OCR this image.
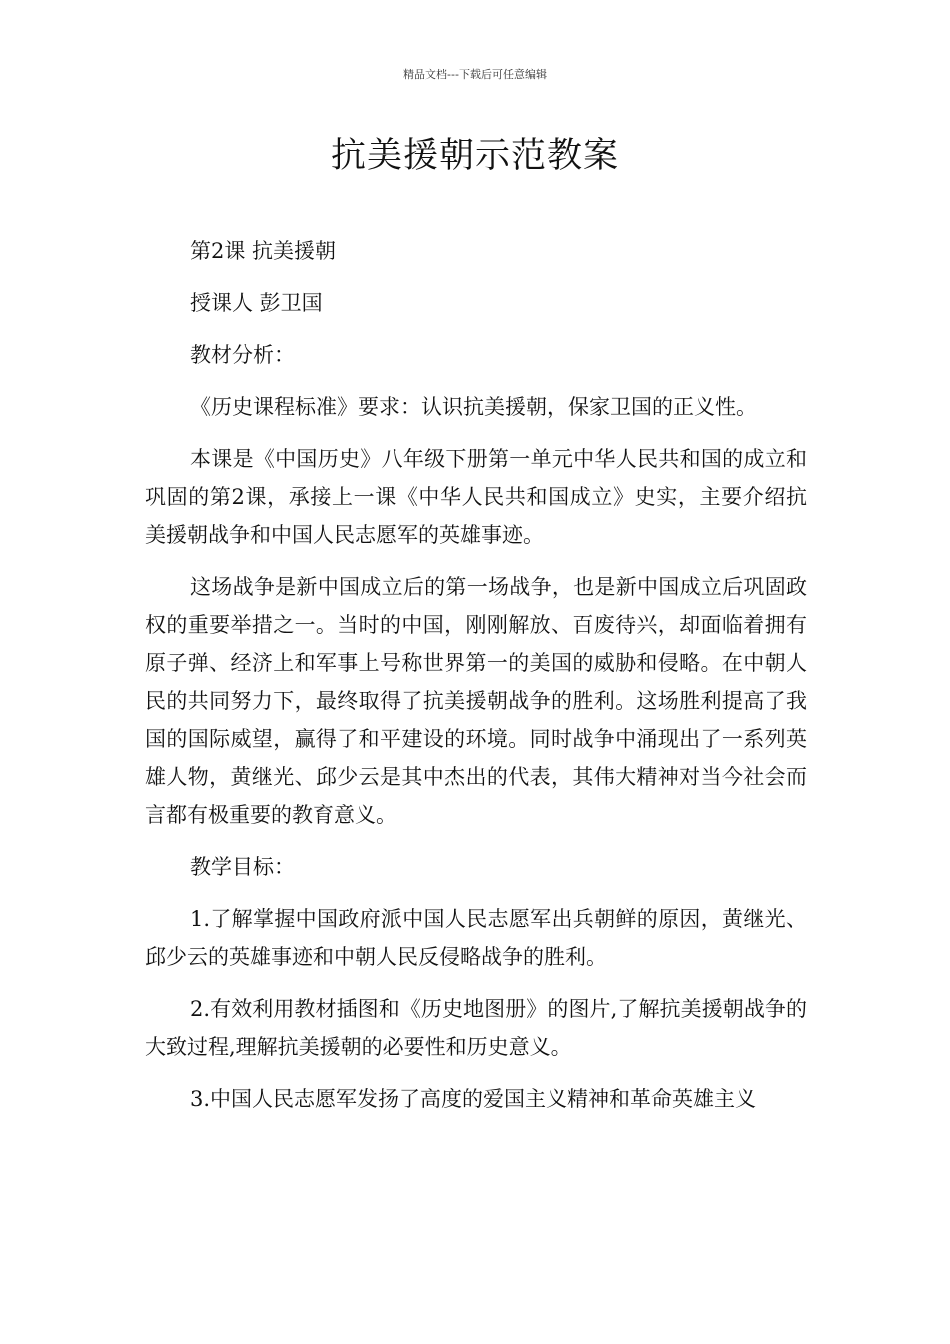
精品文档---下载后可任意编辑
抗美援朝示范教案

第2课 抗美援朝

授课人 彭卫国

教材分析：

《历史课程标准》要求：认识抗美援朝，保家卫国的正义性。

本课是《中国历史》八年级下册第一单元中华人民共和国的成立和巩固的第2课，承接上一课《中华人民共和国成立》史实，主要介绍抗美援朝战争和中国人民志愿军的英雄事迹。

这场战争是新中国成立后的第一场战争，也是新中国成立后巩固政权的重要举措之一。当时的中国，刚刚解放、百废待兴，却面临着拥有原子弹、经济上和军事上号称世界第一的美国的威胁和侵略。在中朝人民的共同努力下，最终取得了抗美援朝战争的胜利。这场胜利提高了我国的国际威望，赢得了和平建设的环境。同时战争中涌现出了一系列英雄人物，黄继光、邱少云是其中杰出的代表，其伟大精神对当今社会而言都有极重要的教育意义。

教学目标：

1.了解掌握中国政府派中国人民志愿军出兵朝鲜的原因，黄继光、邱少云的英雄事迹和中朝人民反侵略战争的胜利。

2.有效利用教材插图和《历史地图册》的图片,了解抗美援朝战争的大致过程,理解抗美援朝的必要性和历史意义。

3.中国人民志愿军发扬了高度的爱国主义精神和革命英雄主义
